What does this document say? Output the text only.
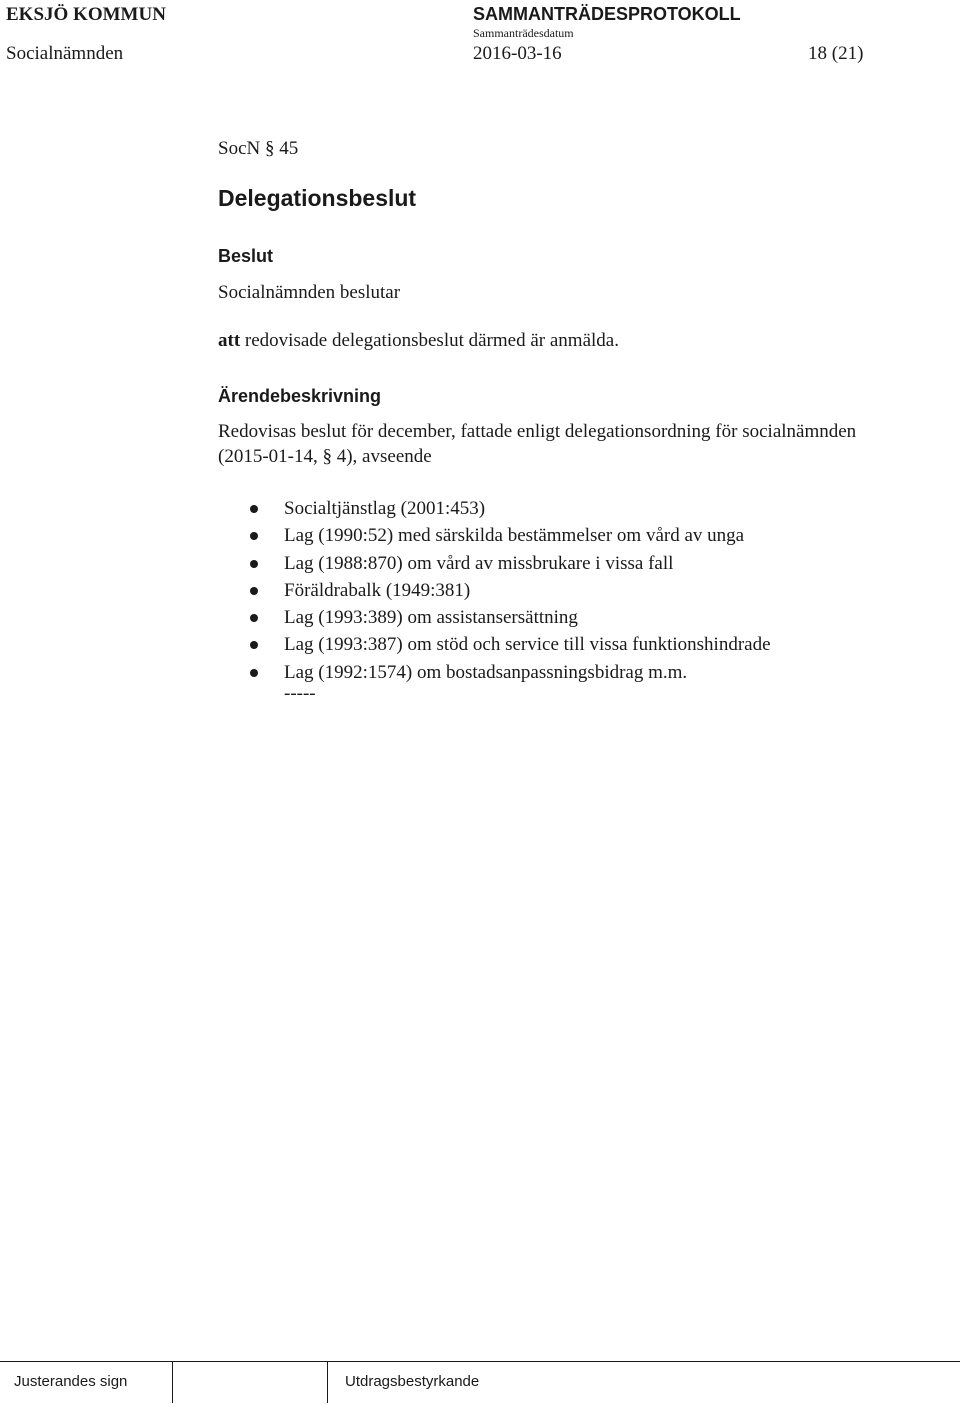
EKSJÖ KOMMUN	SAMMANTRÄDESPROTOKOLL
Sammanträdesdatum
Socialnämnden	2016-03-16	18 (21)
SocN § 45
Delegationsbeslut
Beslut
Socialnämnden beslutar
att redovisade delegationsbeslut därmed är anmälda.
Ärendebeskrivning
Redovisas beslut för december, fattade enligt delegationsordning för socialnämnden
(2015-01-14, § 4), avseende
Socialtjänstlag (2001:453)
Lag (1990:52) med särskilda bestämmelser om vård av unga
Lag (1988:870) om vård av missbrukare i vissa fall
Föräldrabalk (1949:381)
Lag (1993:389) om assistansersättning
Lag (1993:387) om stöd och service till vissa funktionshindrade
Lag (1992:1574) om bostadsanpassningsbidrag m.m.
-----
Justerandes sign	Utdragsbestyrkande
